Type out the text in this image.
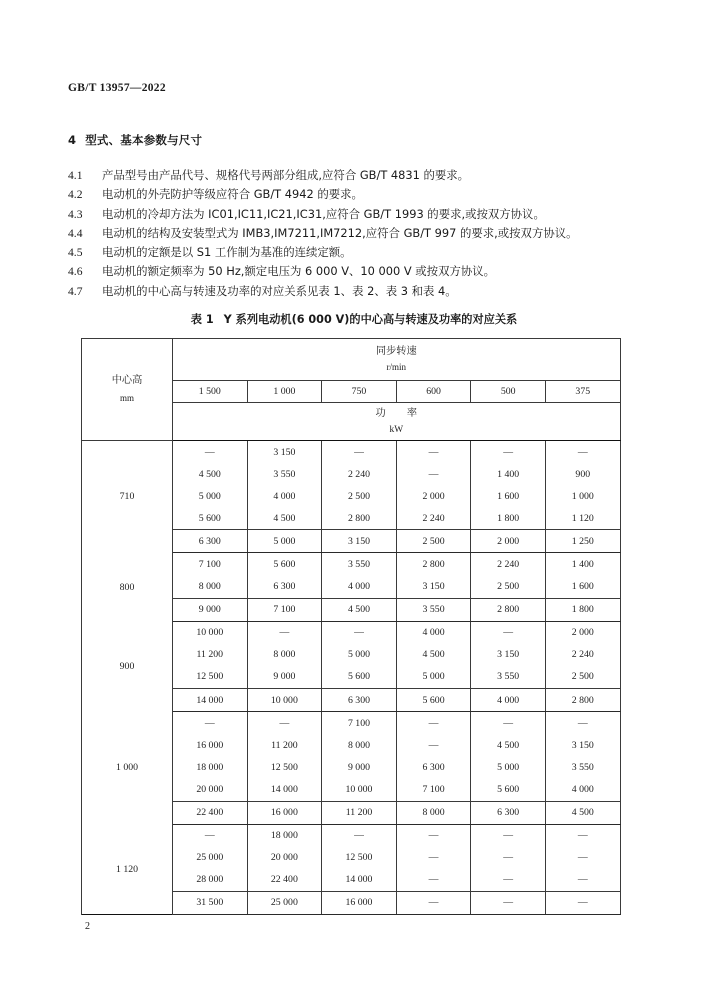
GB/T 13957—2022
4 型式、基本参数与尺寸
4.1	产品型号由产品代号、规格代号两部分组成,应符合 GB/T 4831 的要求。
4.2	电动机的外壳防护等级应符合 GB/T 4942 的要求。
4.3	电动机的冷却方法为 IC01,IC11,IC21,IC31,应符合 GB/T 1993 的要求,或按双方协议。
4.4	电动机的结构及安装型式为 IMB3,IM7211,IM7212,应符合 GB/T 997 的要求,或按双方协议。
4.5	电动机的定额是以 S1 工作制为基准的连续定额。
4.6	电动机的额定频率为 50 Hz,额定电压为 6 000 V、10 000 V 或按双方协议。
4.7	电动机的中心高与转速及功率的对应关系见表 1、表 2、表 3 和表 4。
表 1 Y 系列电动机(6 000 V)的中心高与转速及功率的对应关系
中心高
mm	同步转速
r/min					

	1 500	1 000	750	600	500	375
	功 率
kW					

710	—	3 150	—	—	—	—
	4 500	3 550	2 240	—	1 400	900
	5 000	4 000	2 500	2 000	1 600	1 000
	5 600	4 500	2 800	2 240	1 800	1 120
	6 300	5 000	3 150	2 500	2 000	1 250
800	7 100	5 600	3 550	2 800	2 240	1 400
	8 000	6 300	4 000	3 150	2 500	1 600
	9 000	7 100	4 500	3 550	2 800	1 800
900	10 000	—	—	4 000	—	2 000
	11 200	8 000	5 000	4 500	3 150	2 240
	12 500	9 000	5 600	5 000	3 550	2 500
	14 000	10 000	6 300	5 600	4 000	2 800
1 000	—	—	7 100	—	—	—
	16 000	11 200	8 000	—	4 500	3 150
	18 000	12 500	9 000	6 300	5 000	3 550
	20 000	14 000	10 000	7 100	5 600	4 000
	22 400	16 000	11 200	8 000	6 300	4 500
1 120	—	18 000	—	—	—	—
	25 000	20 000	12 500	—	—	—
	28 000	22 400	14 000	—	—	—
	31 500	25 000	16 000	—	—	—
2
